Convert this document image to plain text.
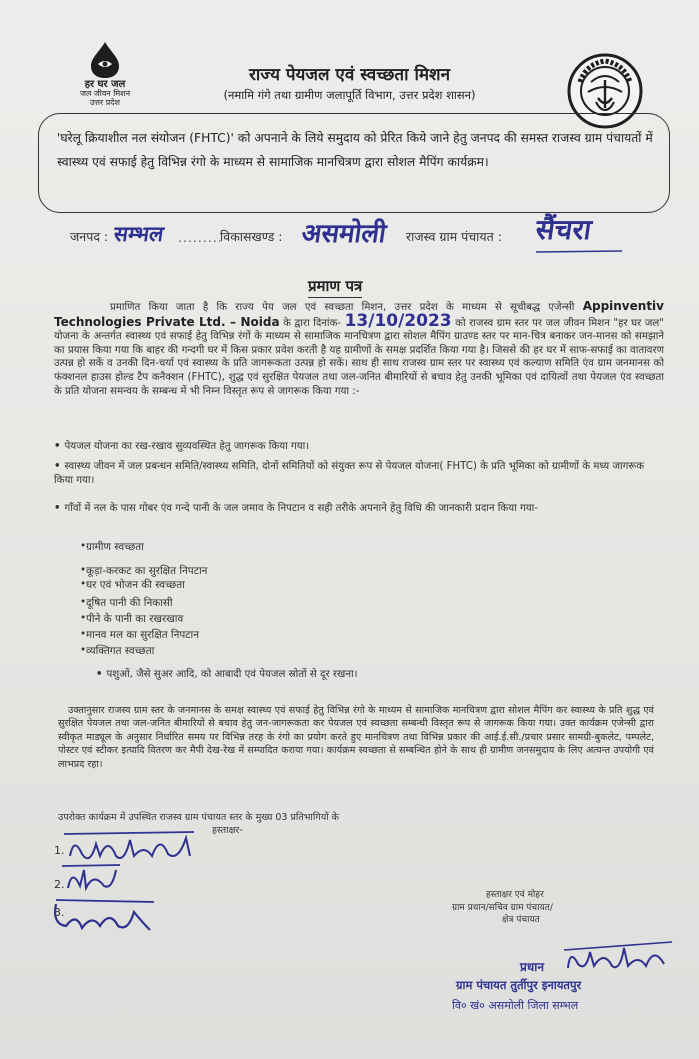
हर घर जल
जल जीवन मिशन
उत्तर प्रदेश
राज्य पेयजल एवं स्वच्छता मिशन
(नमामि गंगे तथा ग्रामीण जलापूर्ति विभाग, उत्तर प्रदेश शासन)

'घरेलू क्रियाशील नल संयोजन (FHTC)' को अपनाने के लिये समुदाय को प्रेरित किये जाने हेतु जनपद की समस्त राजस्व ग्राम पंचायतों में स्वास्थ्य एवं सफाई हेतु विभिन्न रंगो के माध्यम से सामाजिक मानचित्रण द्वारा सोशल मैपिंग कार्यक्रम।

जनपद : सम्भल .........
विकासखण्ड : असमोली राजस्व ग्राम पंचायत : सैंचरा
प्रमाण पत्र
प्रमाणित किया जाता है कि राज्य पेय जल एवं स्वच्छता मिशन, उत्तर प्रदेश के माध्यम से सूचीबद्ध एजेन्सी Appinventiv Technologies Private Ltd. – Noida के द्वारा दिनांक- 13/10/2023 को राजस्व ग्राम स्तर पर जल जीवन मिशन "हर घर जल" योजना के अन्तर्गत स्वास्थ्य एवं सफाई हेतु विभिन्न रंगों के माध्यम से सामाजिक मानचित्रण द्वारा सोशल मैपिंग ग्राउण्ड स्तर पर मान-चित्र बनाकर जन-मानस को समझाने का प्रयास किया गया कि बाहर की गन्दगी घर में किस प्रकार प्रवेश करती है यह ग्रामीणों के समक्ष प्रदर्शित किया गया है। जिससे की हर घर में साफ-सफाई का वातावरण उत्पन्न हो सकें व उनकी दिन-चर्या एवं स्वास्थ्य के प्रति जागरूकता उत्पन्न हो सकें। साथ ही साथ राजस्व ग्राम स्तर पर स्वास्थ्य एवं कल्याण समिति एंव ग्राम जनमानस को फंक्शनल हाउस होल्ड टैप कनैक्शन (FHTC), शुद्ध एवं सुरक्षित पेयजल तथा जल-जनित बीमारियों से बचाव हेतु उनकी भूमिका एवं दायित्वों तथा पेयजल एंव स्वच्छता के प्रति योजना समन्वय के सम्बन्ध में भी निम्न विस्तृत रूप से जागरूक किया गया :-
• पेयजल योजना का रख-रखाव सुव्यवस्थित हेतु जागरूक किया गया।
• स्वास्थ्य जीवन में जल प्रबन्धन समिति/स्वास्थ्य समिति, दोनों समितियों को संयुक्त रूप से पेयजल योजना( FHTC) के प्रति भूमिका को ग्रामीणों के मध्य जागरूक किया गया।
• गाँवों में नल के पास गोबर एंव गन्दे पानी के जल जमाव के निपटान व सही तरीके अपनाने हेतु विधि की जानकारी प्रदान किया गया-
• ग्रामीण स्वच्छता
• कूड़ा-करकट का सुरक्षित निपटान
• घर एवं भोजन की स्वच्छता
• दूषित पानी की निकासी
• पीने के पानी का रखरखाव
• मानव मल का सुरक्षित निपटान
• व्यक्तिगत स्वच्छता
• पशुओं, जैसे सुअर आदि, को आबादी एवं पेयजल स्रोतों से दूर रखना।
उक्तानुसार राजस्व ग्राम स्तर के जनमानस के समक्ष स्वास्थ्य एवं सफाई हेतु विभिन्न रंगो के माध्यम से सामाजिक मानचित्रण द्वारा सोशल मैपिंग कर स्वास्थ्य के प्रति शुद्ध एवं सुरक्षित पेयजल तथा जल-जनित बीमारियों से बचाव हेतु जन-जागरूकता कर पेयजल एवं स्वच्छता सम्बन्धी विस्तृत रूप से जागरूक किया गया। उक्त कार्यक्रम एजेन्सी द्वारा स्वीकृत माड्यूल के अनुसार निर्धारित समय पर विभिन्न तरह के रंगो का प्रयोग करते हुए मानचित्रण तथा विभिन्न प्रकार की आई.ई.सी./प्रचार प्रसार सामग्री-बुकलेट, पम्पलेट, पोस्टर एवं स्टीकर इत्यादि वितरण कर मैपी देख-रेख में सम्पादित कराया गया। कार्यक्रम स्वच्छता से सम्बन्धित होने के साथ ही ग्रामीण जनसमुदाय के लिए अत्यन्त उपयोगी एवं लाभप्रद रहा।
उपरोक्त कार्यक्रम में उपस्थित राजस्व ग्राम पंचायत स्तर के मुख्य 03 प्रतिभागियों के
हस्ताक्षर-
1.
2.
3.
हस्ताक्षर एवं मोहर
ग्राम प्रधान/सचिव ग्राम पंचायत/
क्षेत्र पंचायत
प्रधान
ग्राम पंचायत तुर्तीपुर इनायतपुर
वि० खं० असमोली जिला सम्भल
